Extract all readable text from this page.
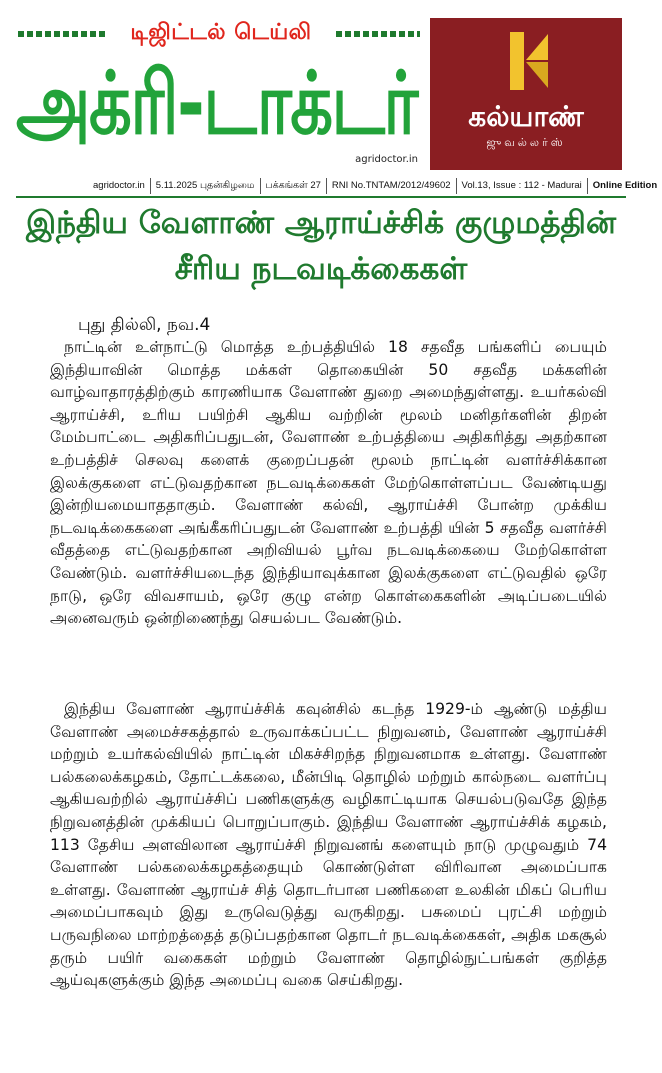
டிஜிட்டல் டெய்லி
அக்ரி-டாக்டர்
agridoctor.in
கல்யாண்
ஜுவல்லர்ஸ்
agridoctor.in 5.11.2025 புதன்கிழமை பக்கங்கள் 27 RNI No.TNTAM/2012/49602 Vol.13, Issue : 112 - Madurai Online Edition
இந்திய வேளாண் ஆராய்ச்சிக் குழுமத்தின்
சீரிய நடவடிக்கைகள்
புது தில்லி, நவ.4

நாட்டின் உள்நாட்டு மொத்த உற்பத்தியில் 18 சதவீத பங்களிப் பையும் இந்தியாவின் மொத்த மக்கள் தொகையின் 50 சதவீத மக்களின் வாழ்வாதாரத்திற்கும் காரணியாக வேளாண் துறை அமைந்துள்ளது. உயர்கல்வி ஆராய்ச்சி, உரிய பயிற்சி ஆகிய வற்றின் மூலம் மனிதர்களின் திறன் மேம்பாட்டை அதிகரிப்பதுடன், வேளாண் உற்பத்தியை அதிகரித்து அதற்கான உற்பத்திச் செலவு களைக் குறைப்பதன் மூலம் நாட்டின் வளர்ச்சிக்கான இலக்குகளை எட்டுவதற்கான நடவடிக்கைகள் மேற்கொள்ளப்பட வேண்டியது இன்றியமையாததாகும். வேளாண் கல்வி, ஆராய்ச்சி போன்ற முக்கிய நடவடிக்கைகளை அங்கீகரிப்பதுடன் வேளாண் உற்பத்தி யின் 5 சதவீத வளர்ச்சி வீதத்தை எட்டுவதற்கான அறிவியல் பூர்வ நடவடிக்கையை மேற்கொள்ள வேண்டும். வளர்ச்சியடைந்த இந்தியாவுக்கான இலக்குகளை எட்டுவதில் ஒரே நாடு, ஒரே விவசாயம், ஒரே குழு என்ற கொள்கைகளின் அடிப்படையில் அனைவரும் ஒன்றிணைந்து செயல்பட வேண்டும்.

இந்திய வேளாண் ஆராய்ச்சிக் கவுன்சில் கடந்த 1929-ம் ஆண்டு மத்திய வேளாண் அமைச்சகத்தால் உருவாக்கப்பட்ட நிறுவனம், வேளாண் ஆராய்ச்சி மற்றும் உயர்கல்வியில் நாட்டின் மிகச்சிறந்த நிறுவனமாக உள்ளது. வேளாண் பல்கலைக்கழகம், தோட்டக்கலை, மீன்பிடி தொழில் மற்றும் கால்நடை வளர்ப்பு ஆகியவற்றில் ஆராய்ச்சிப் பணிகளுக்கு வழிகாட்டியாக செயல்படுவதே இந்த நிறுவனத்தின் முக்கியப் பொறுப்பாகும். இந்திய வேளாண் ஆராய்ச்சிக் கழகம், 113 தேசிய அளவிலான ஆராய்ச்சி நிறுவனங் களையும் நாடு முழுவதும் 74 வேளாண் பல்கலைக்கழகத்தையும் கொண்டுள்ள விரிவான அமைப்பாக உள்ளது. வேளாண் ஆராய்ச் சித் தொடர்பான பணிகளை உலகின் மிகப் பெரிய அமைப்பாகவும் இது உருவெடுத்து வருகிறது. பசுமைப் புரட்சி மற்றும் பருவநிலை மாற்றத்தைத் தடுப்பதற்கான தொடர் நடவடிக்கைகள், அதிக மகசூல் தரும் பயிர் வகைகள் மற்றும் வேளாண் தொழில்நுட்பங்கள் குறித்த ஆய்வுகளுக்கும் இந்த அமைப்பு வகை செய்கிறது.
